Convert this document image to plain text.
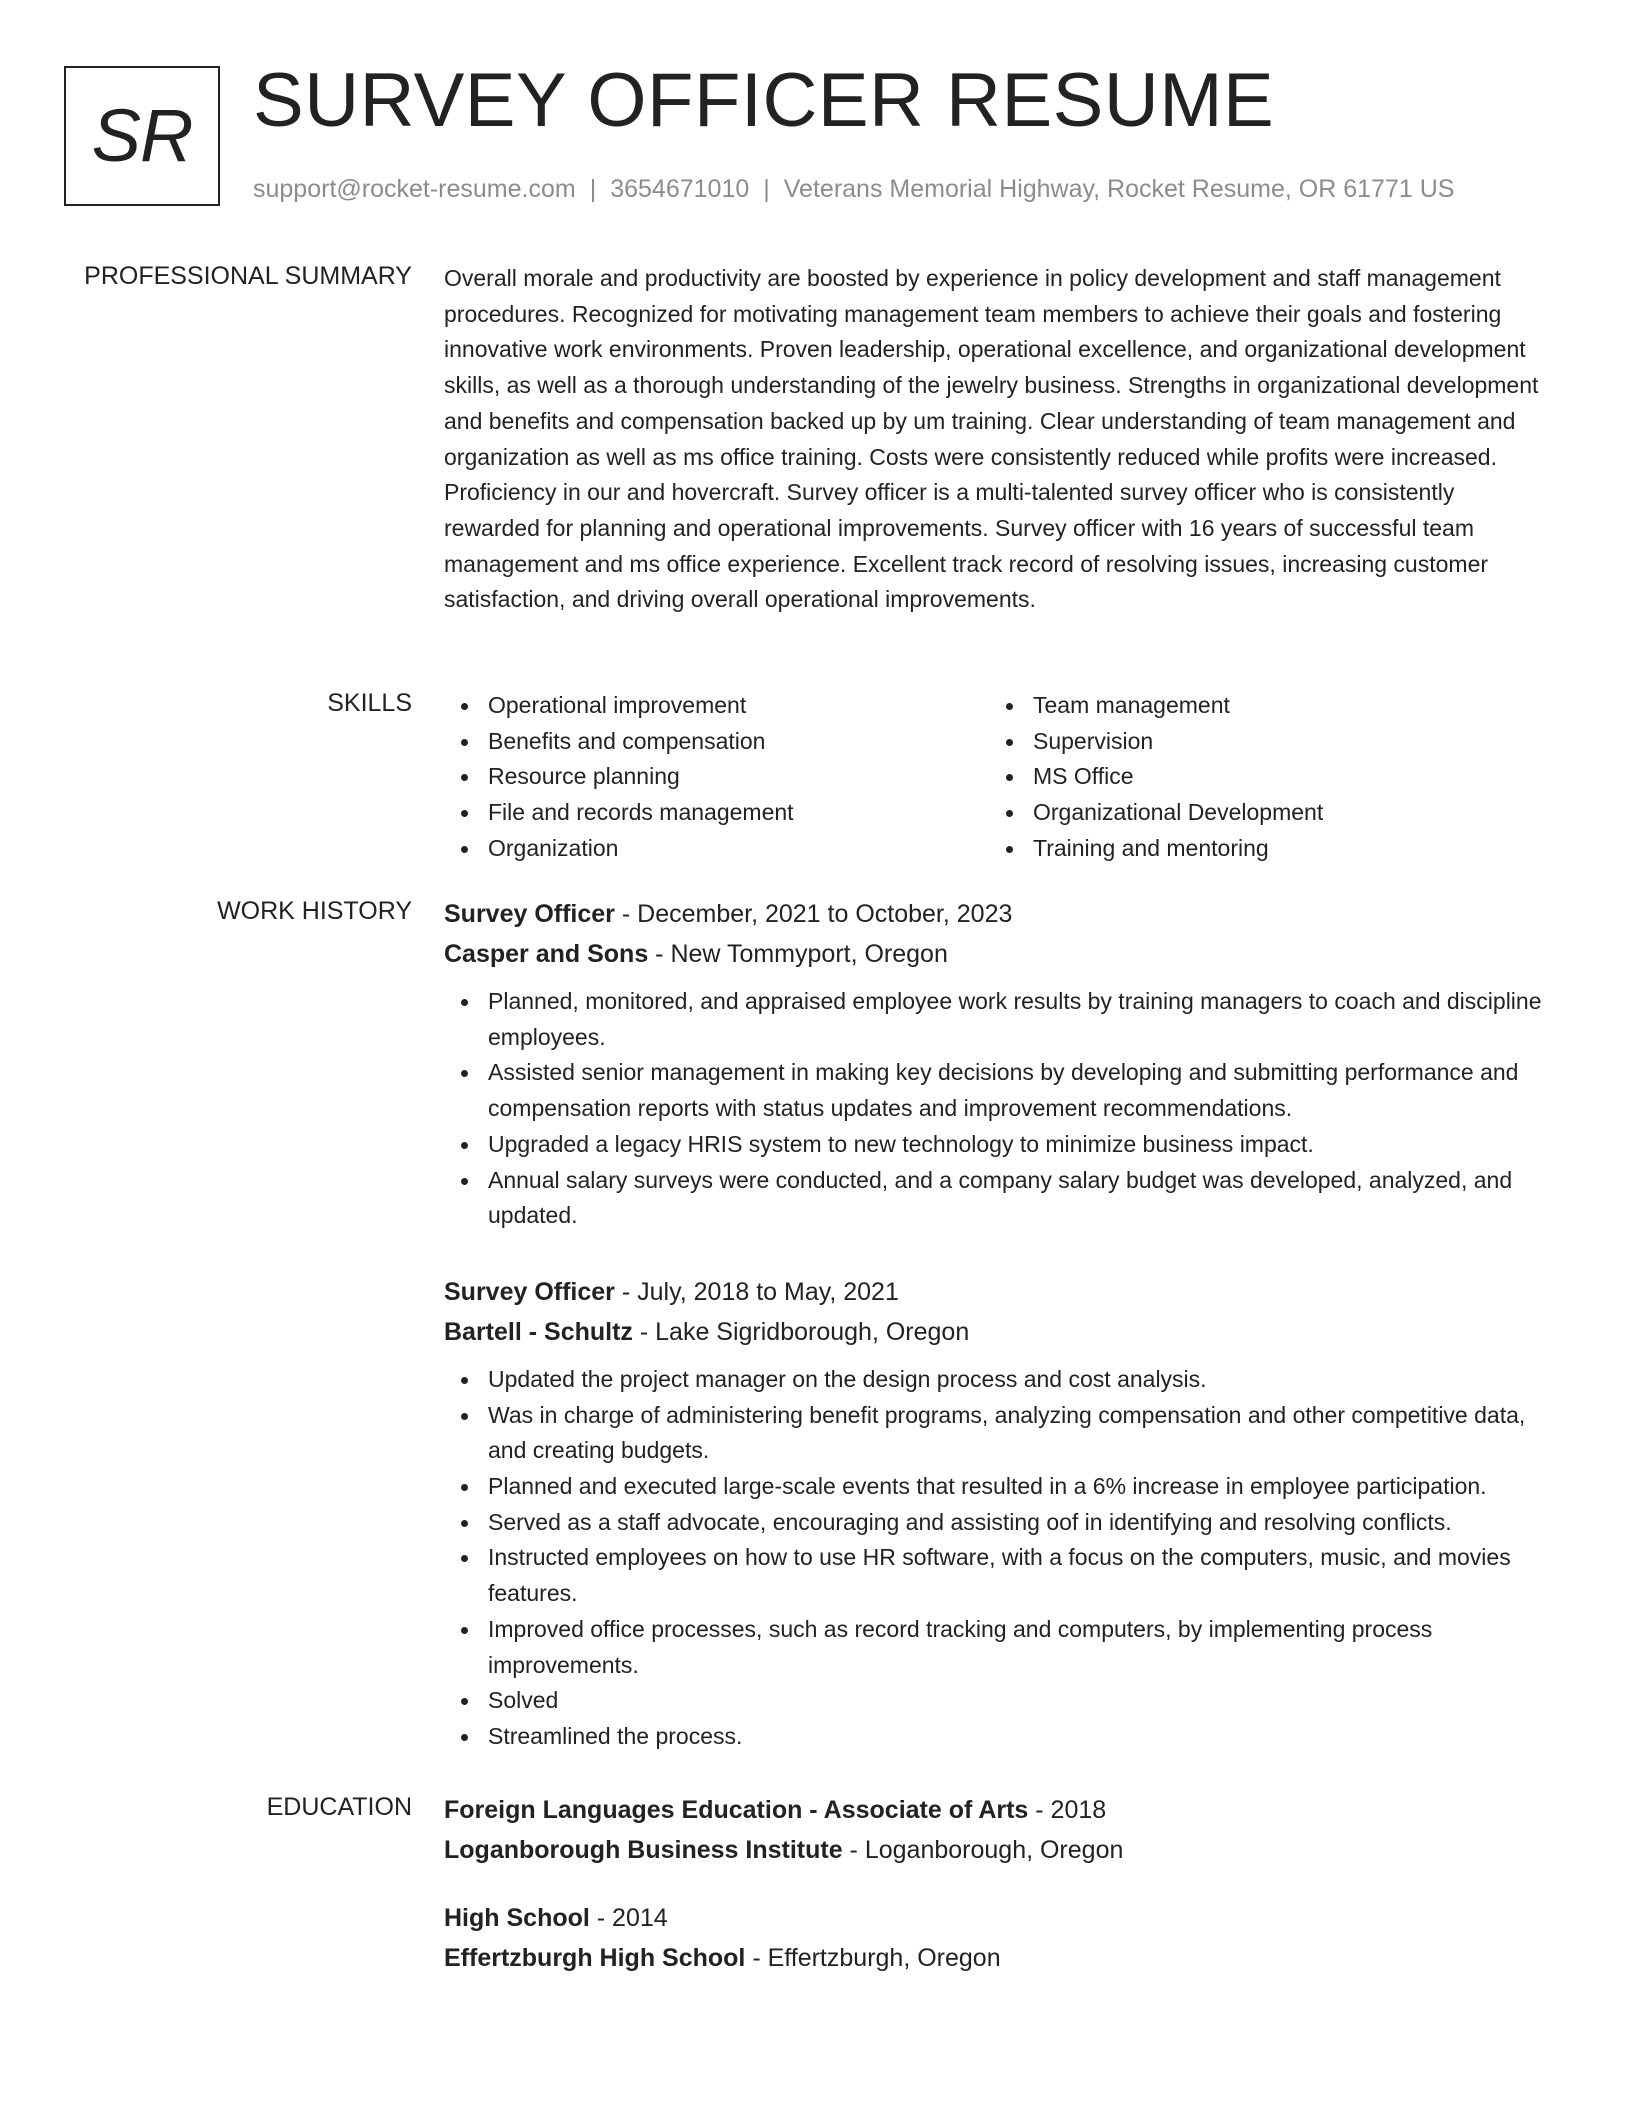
SR SURVEY OFFICER RESUME
support@rocket-resume.com | 3654671010 | Veterans Memorial Highway, Rocket Resume, OR 61771 US
PROFESSIONAL SUMMARY Overall morale and productivity are boosted by experience in policy development and staff management procedures. Recognized for motivating management team members to achieve their goals and fostering innovative work environments. Proven leadership, operational excellence, and organizational development skills, as well as a thorough understanding of the jewelry business. Strengths in organizational development and benefits and compensation backed up by um training. Clear understanding of team management and organization as well as ms office training. Costs were consistently reduced while profits were increased. Proficiency in our and hovercraft. Survey officer is a multi-talented survey officer who is consistently rewarded for planning and operational improvements. Survey officer with 16 years of successful team management and ms office experience. Excellent track record of resolving issues, increasing customer satisfaction, and driving overall operational improvements.

SKILLS	Operational improvement
Benefits and compensation
Resource planning
File and records management
Organization
Team management
Supervision
MS Office
Organizational Development
Training and mentoring
WORK HISTORY Survey Officer - December, 2021 to October, 2023
Casper and Sons - New Tommyport, Oregon
Planned, monitored, and appraised employee work results by training managers to coach and discipline employees.
Assisted senior management in making key decisions by developing and submitting performance and compensation reports with status updates and improvement recommendations.
Upgraded a legacy HRIS system to new technology to minimize business impact.
Annual salary surveys were conducted, and a company salary budget was developed, analyzed, and updated.
Survey Officer - July, 2018 to May, 2021
Bartell - Schultz - Lake Sigridborough, Oregon
Updated the project manager on the design process and cost analysis.
Was in charge of administering benefit programs, analyzing compensation and other competitive data, and creating budgets.
Planned and executed large-scale events that resulted in a 6% increase in employee participation.
Served as a staff advocate, encouraging and assisting oof in identifying and resolving conflicts.
Instructed employees on how to use HR software, with a focus on the computers, music, and movies features.
Improved office processes, such as record tracking and computers, by implementing process improvements.
Solved
Streamlined the process.
EDUCATION Foreign Languages Education - Associate of Arts - 2018
Loganborough Business Institute - Loganborough, Oregon
High School - 2014
Effertzburgh High School - Effertzburgh, Oregon
